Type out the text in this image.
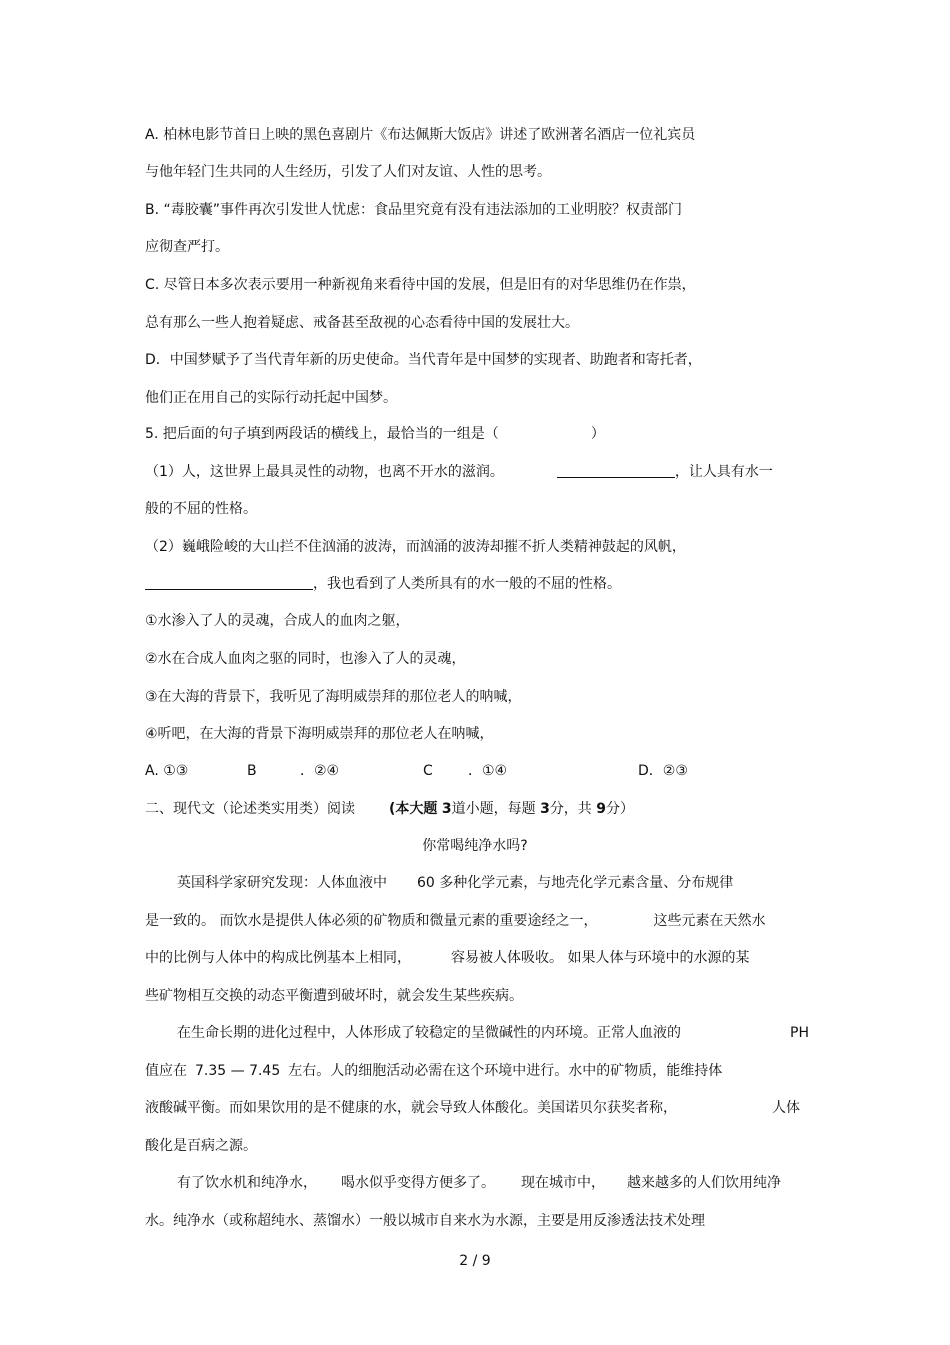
A. 柏林电影节首日上映的黑色喜剧片《布达佩斯大饭店》讲述了欧洲著名酒店一位礼宾员
与他年轻门生共同的人生经历，引发了人们对友谊、人性的思考。
B. “毒胶囊”事件再次引发世人忧虑：食品里究竟有没有违法添加的工业明胶？权责部门
应彻查严打。
C. 尽管日本多次表示要用一种新视角来看待中国的发展，但是旧有的对华思维仍在作祟，
总有那么一些人抱着疑虑、戒备甚至敌视的心态看待中国的发展壮大。
D．中国梦赋予了当代青年新的历史使命。当代青年是中国梦的实现者、助跑者和寄托者，
他们正在用自己的实际行动托起中国梦。
5. 把后面的句子填到两段话的横线上，最恰当的一组是（	）
（1）人，这世界上最具灵性的动物，也离不开水的滋润。	，让人具有水一
般的不屈的性格。
（2）巍峨险峻的大山拦不住汹涌的波涛，而汹涌的波涛却摧不折人类精神鼓起的风帆，
，我也看到了人类所具有的水一般的不屈的性格。
①水渗入了人的灵魂，合成人的血肉之躯，
②水在合成人血肉之驱的同时，也渗入了人的灵魂，
③在大海的背景下，我听见了海明威崇拜的那位老人的呐喊，
④听吧，在大海的背景下海明威崇拜的那位老人在呐喊，
A. ①③	B	．②④	C	．①④	D．②③
二、现代文（论述类实用类）阅读 (本大题 3道小题，每题 3分，共 9分）
你常喝纯净水吗?
英国科学家研究发现：人体血液中 60 多种化学元素，与地壳化学元素含量、分布规律
是一致的。 而饮水是提供人体必须的矿物质和微量元素的重要途经之一，	这些元素在天然水
中的比例与人体中的构成比例基本上相同，	容易被人体吸收。 如果人体与环境中的水源的某
些矿物相互交换的动态平衡遭到破坏时，就会发生某些疾病。
在生命长期的进化过程中，人体形成了较稳定的呈微碱性的内环境。正常人血液的	PH
值应在 7.35 — 7.45 左右。人的细胞活动必需在这个环境中进行。水中的矿物质，能维持体
液酸碱平衡。而如果饮用的是不健康的水，就会导致人体酸化。美国诺贝尔获奖者称，	人体
酸化是百病之源。
有了饮水机和纯净水， 喝水似乎变得方便多了。 现在城市中， 越来越多的人们饮用纯净
水。纯净水（或称超纯水、蒸馏水）一般以城市自来水为水源，主要是用反渗透法技术处理
2 / 9
